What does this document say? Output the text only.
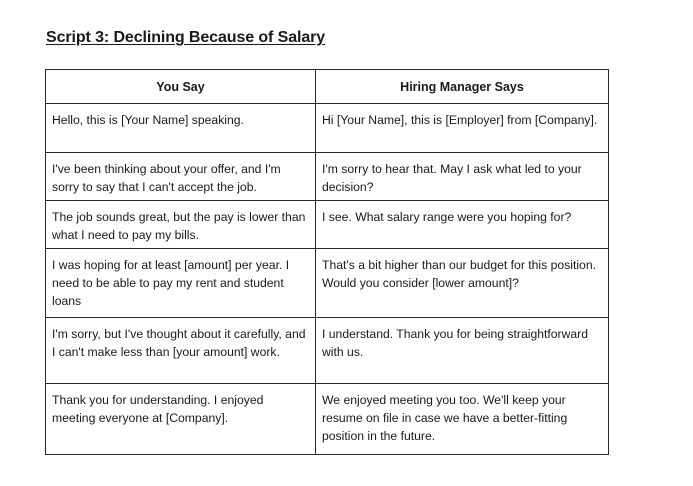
Script 3: Declining Because of Salary
You Say	Hiring Manager Says
Hello, this is [Your Name] speaking.	Hi [Your Name], this is [Employer] from [Company].
I've been thinking about your offer, and I'm sorry to say that I can't accept the job.	I'm sorry to hear that. May I ask what led to your decision?
The job sounds great, but the pay is lower than what I need to pay my bills.	I see. What salary range were you hoping for?
I was hoping for at least [amount] per year. I need to be able to pay my rent and student loans	That's a bit higher than our budget for this position. Would you consider [lower amount]?
I'm sorry, but I've thought about it carefully, and I can't make less than [your amount] work.	I understand. Thank you for being straightforward with us.
Thank you for understanding. I enjoyed meeting everyone at [Company].	We enjoyed meeting you too. We'll keep your resume on file in case we have a better-fitting position in the future.
